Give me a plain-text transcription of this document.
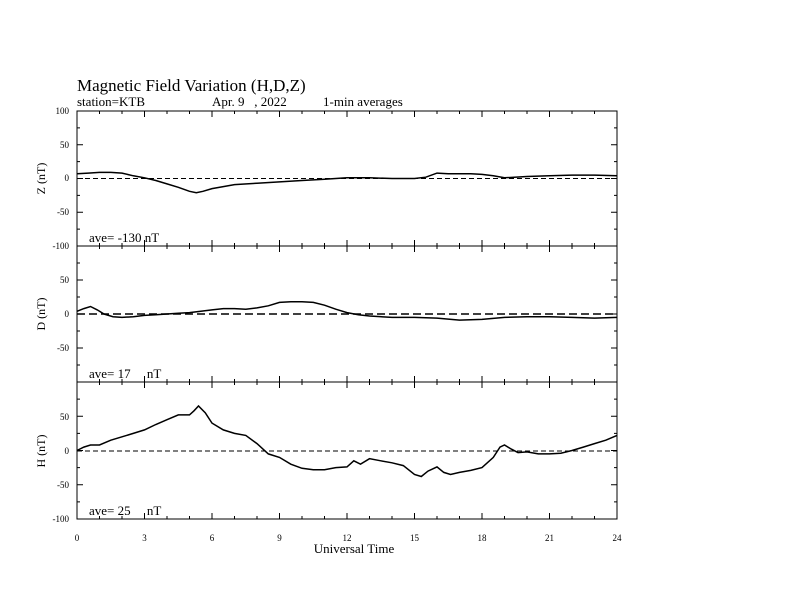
Magnetic Field Variation (H,D,Z)
station=KTB	Apr. 9   , 2022	1-min averages
Z (nT)
ave= -130 nT
100
50
0
-50
-100
D (nT)
ave= 17     nT
50
0
-50
H (nT)
ave= 25     nT
50
0
-50
-100
0	3	6	9	12	15	18	21	24
Universal Time
